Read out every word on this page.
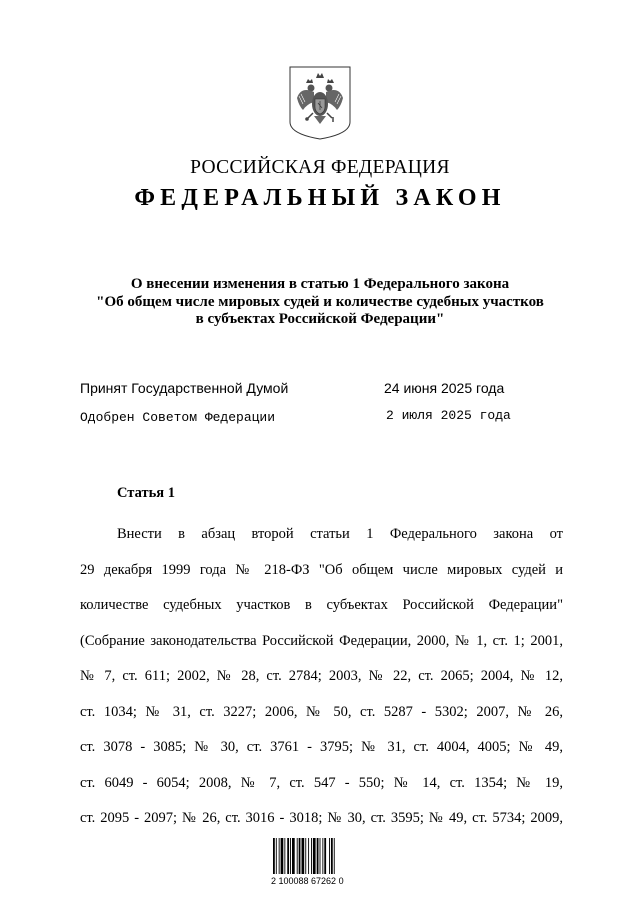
РОССИЙСКАЯ ФЕДЕРАЦИЯ
ФЕДЕРАЛЬНЫЙ ЗАКОН
О внесении изменения в статью 1 Федерального закона
"Об общем числе мировых судей и количестве судебных участков
в субъектах Российской Федерации"
Принят Государственной Думой	24 июня 2025 года
Одобрен Советом Федерации	2 июля 2025 года
Статья 1
Внести в абзац второй статьи 1 Федерального закона от
29 декабря 1999 года № 218-ФЗ "Об общем числе мировых судей и
количестве судебных участков в субъектах Российской Федерации"
(Собрание законодательства Российской Федерации, 2000, № 1, ст. 1; 2001,
№ 7, ст. 611; 2002, № 28, ст. 2784; 2003, № 22, ст. 2065; 2004, № 12,
ст. 1034; № 31, ст. 3227; 2006, № 50, ст. 5287 - 5302; 2007, № 26,
ст. 3078 - 3085; № 30, ст. 3761 - 3795; № 31, ст. 4004, 4005; № 49,
ст. 6049 - 6054; 2008, № 7, ст. 547 - 550; № 14, ст. 1354; № 19,
ст. 2095 - 2097; № 26, ст. 3016 - 3018; № 30, ст. 3595; № 49, ст. 5734; 2009,
2 100088 67262 0
